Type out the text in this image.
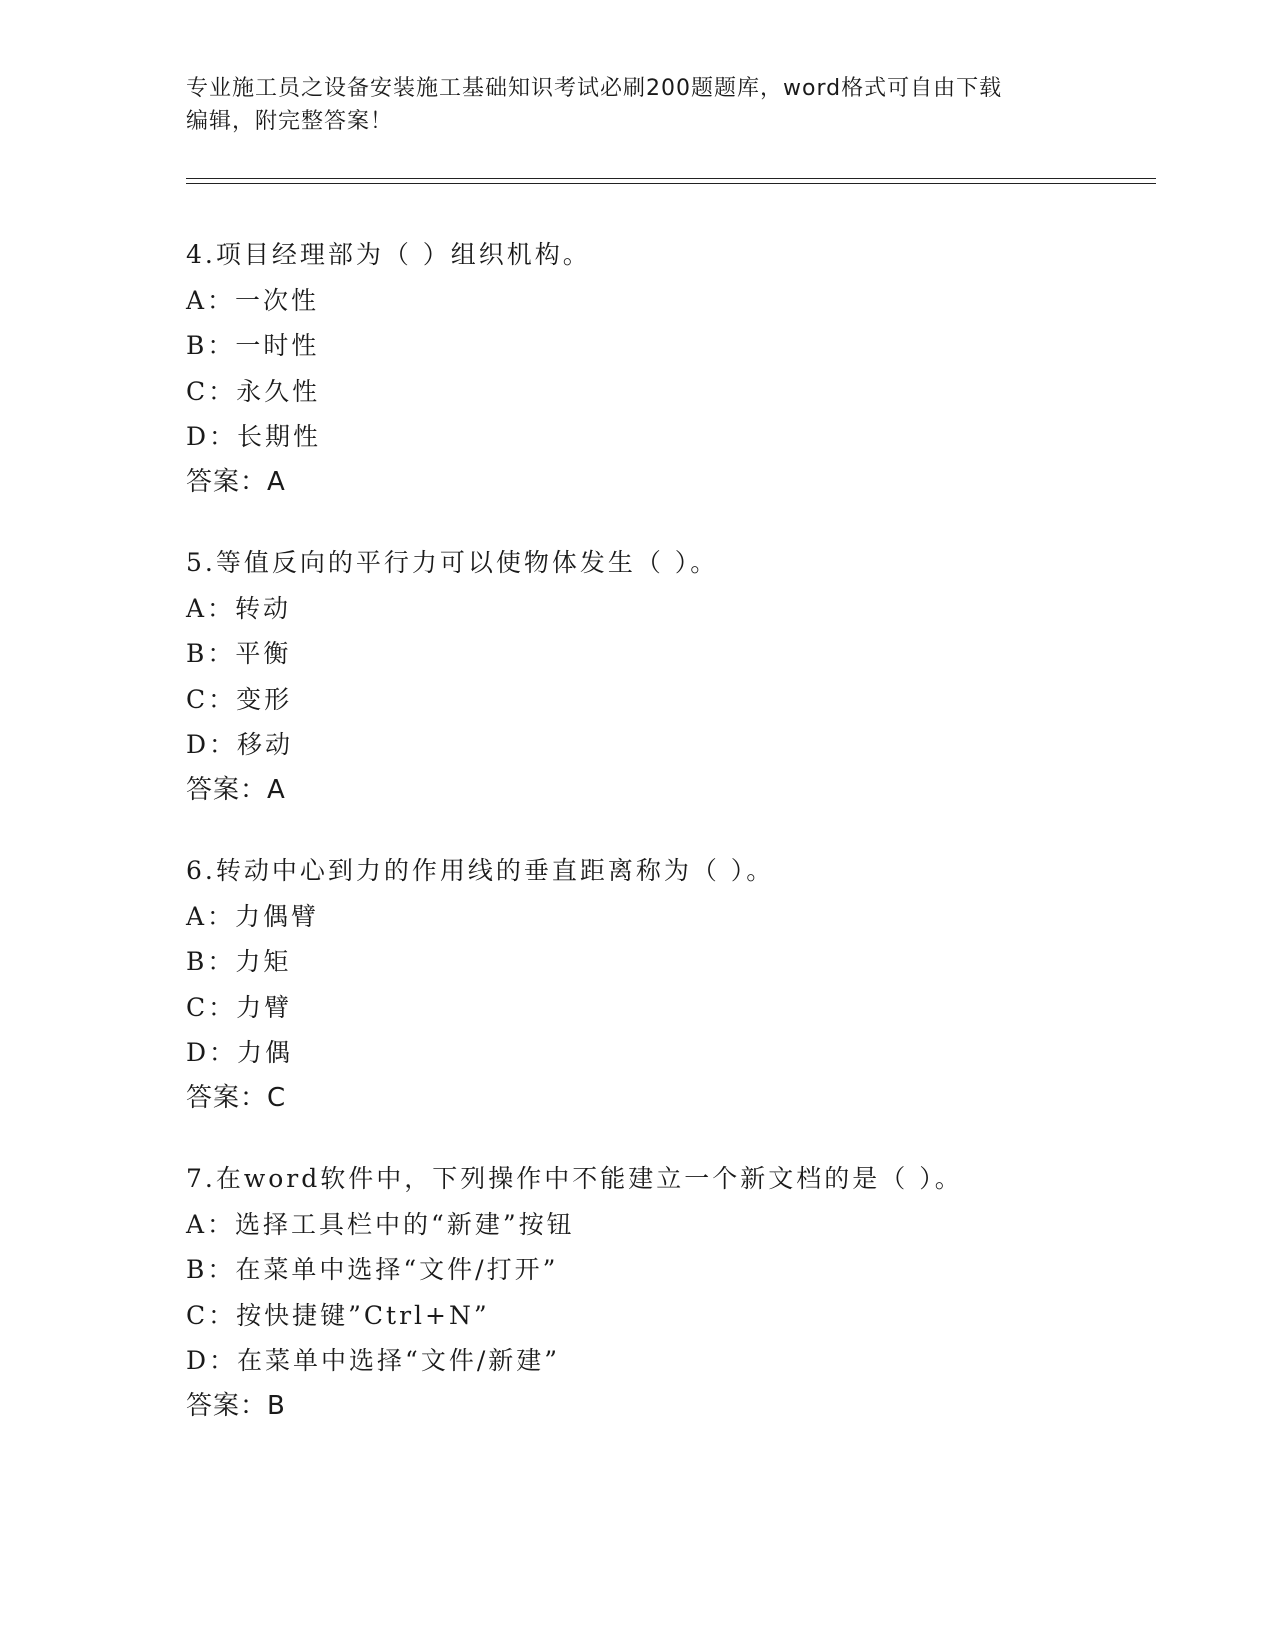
专业施工员之设备安装施工基础知识考试必刷200题题库，word格式可自由下载
编辑，附完整答案！
4.项目经理部为（ ）组织机构。
A：一次性
B：一时性
C：永久性
D：长期性
答案：A
5.等值反向的平行力可以使物体发生（ ）。
A：转动
B：平衡
C：变形
D：移动
答案：A
6.转动中心到力的作用线的垂直距离称为（ ）。
A：力偶臂
B：力矩
C：力臂
D：力偶
答案：C
7.在word软件中，下列操作中不能建立一个新文档的是（ ）。
A：选择工具栏中的“新建”按钮
B：在菜单中选择“文件/打开”
C：按快捷键”Ctrl+N”
D：在菜单中选择“文件/新建”
答案：B
